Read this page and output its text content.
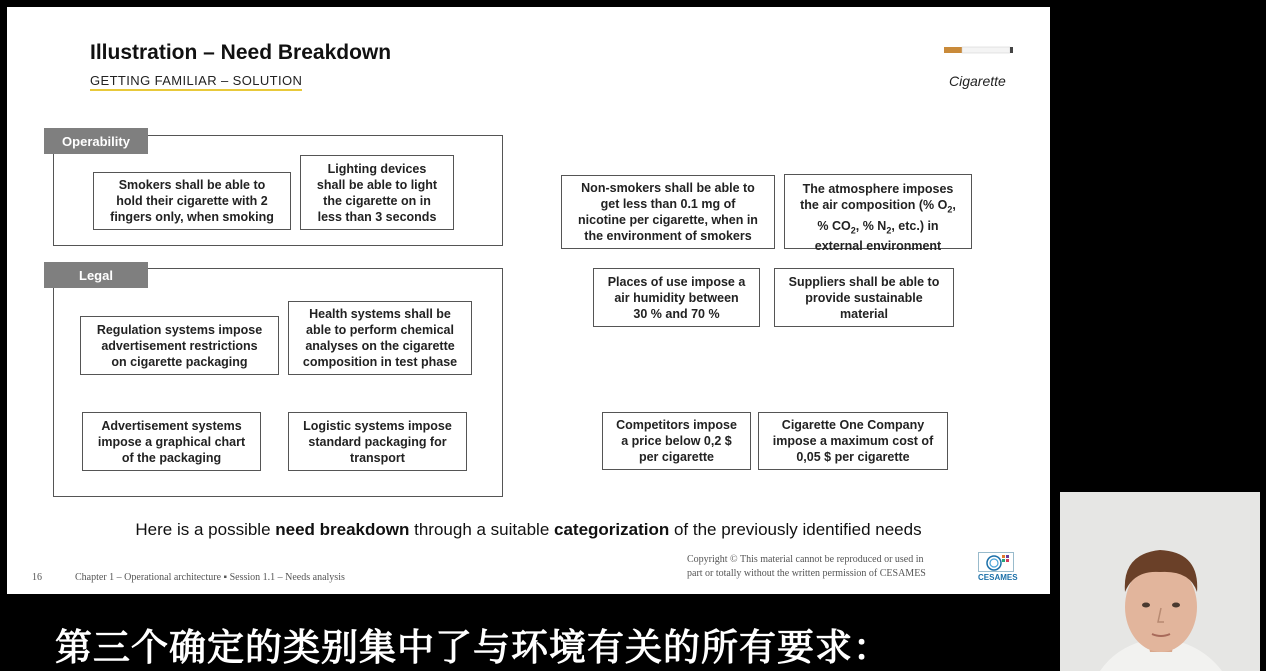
Illustration – Need Breakdown
GETTING FAMILIAR – SOLUTION	Cigarette
Operability
Smokers shall be able to
hold their cigarette with 2
fingers only, when smoking
Lighting devices
shall be able to light
the cigarette on in
less than 3 seconds
Legal
Regulation systems impose
advertisement restrictions
on cigarette packaging
Health systems shall be
able to perform chemical
analyses on the cigarette
composition in test phase
Advertisement systems
impose a graphical chart
of the packaging
Logistic systems impose
standard packaging for
transport
Non-smokers shall be able to
get less than 0.1 mg of
nicotine per cigarette, when in
the environment of smokers
The atmosphere imposes
the air composition (% $O_2$,
% $CO_2$, % $N_2$, etc.) in
external environment
Places of use impose a
air humidity between
30 % and 70 %
Suppliers shall be able to
provide sustainable
material
Competitors impose
a price below 0,2 $
per cigarette
Cigarette One Company
impose a maximum cost of
0,05 $ per cigarette
Here is a possible need breakdown through a suitable categorization of the previously identified needs
16	Chapter 1 – Operational architecture ▪ Session 1.1 – Needs analysis
Copyright © This material cannot be reproduced or used in
part or totally without the written permission of CESAMES	CESAMES
第三个确定的类别集中了与环境有关的所有要求：
